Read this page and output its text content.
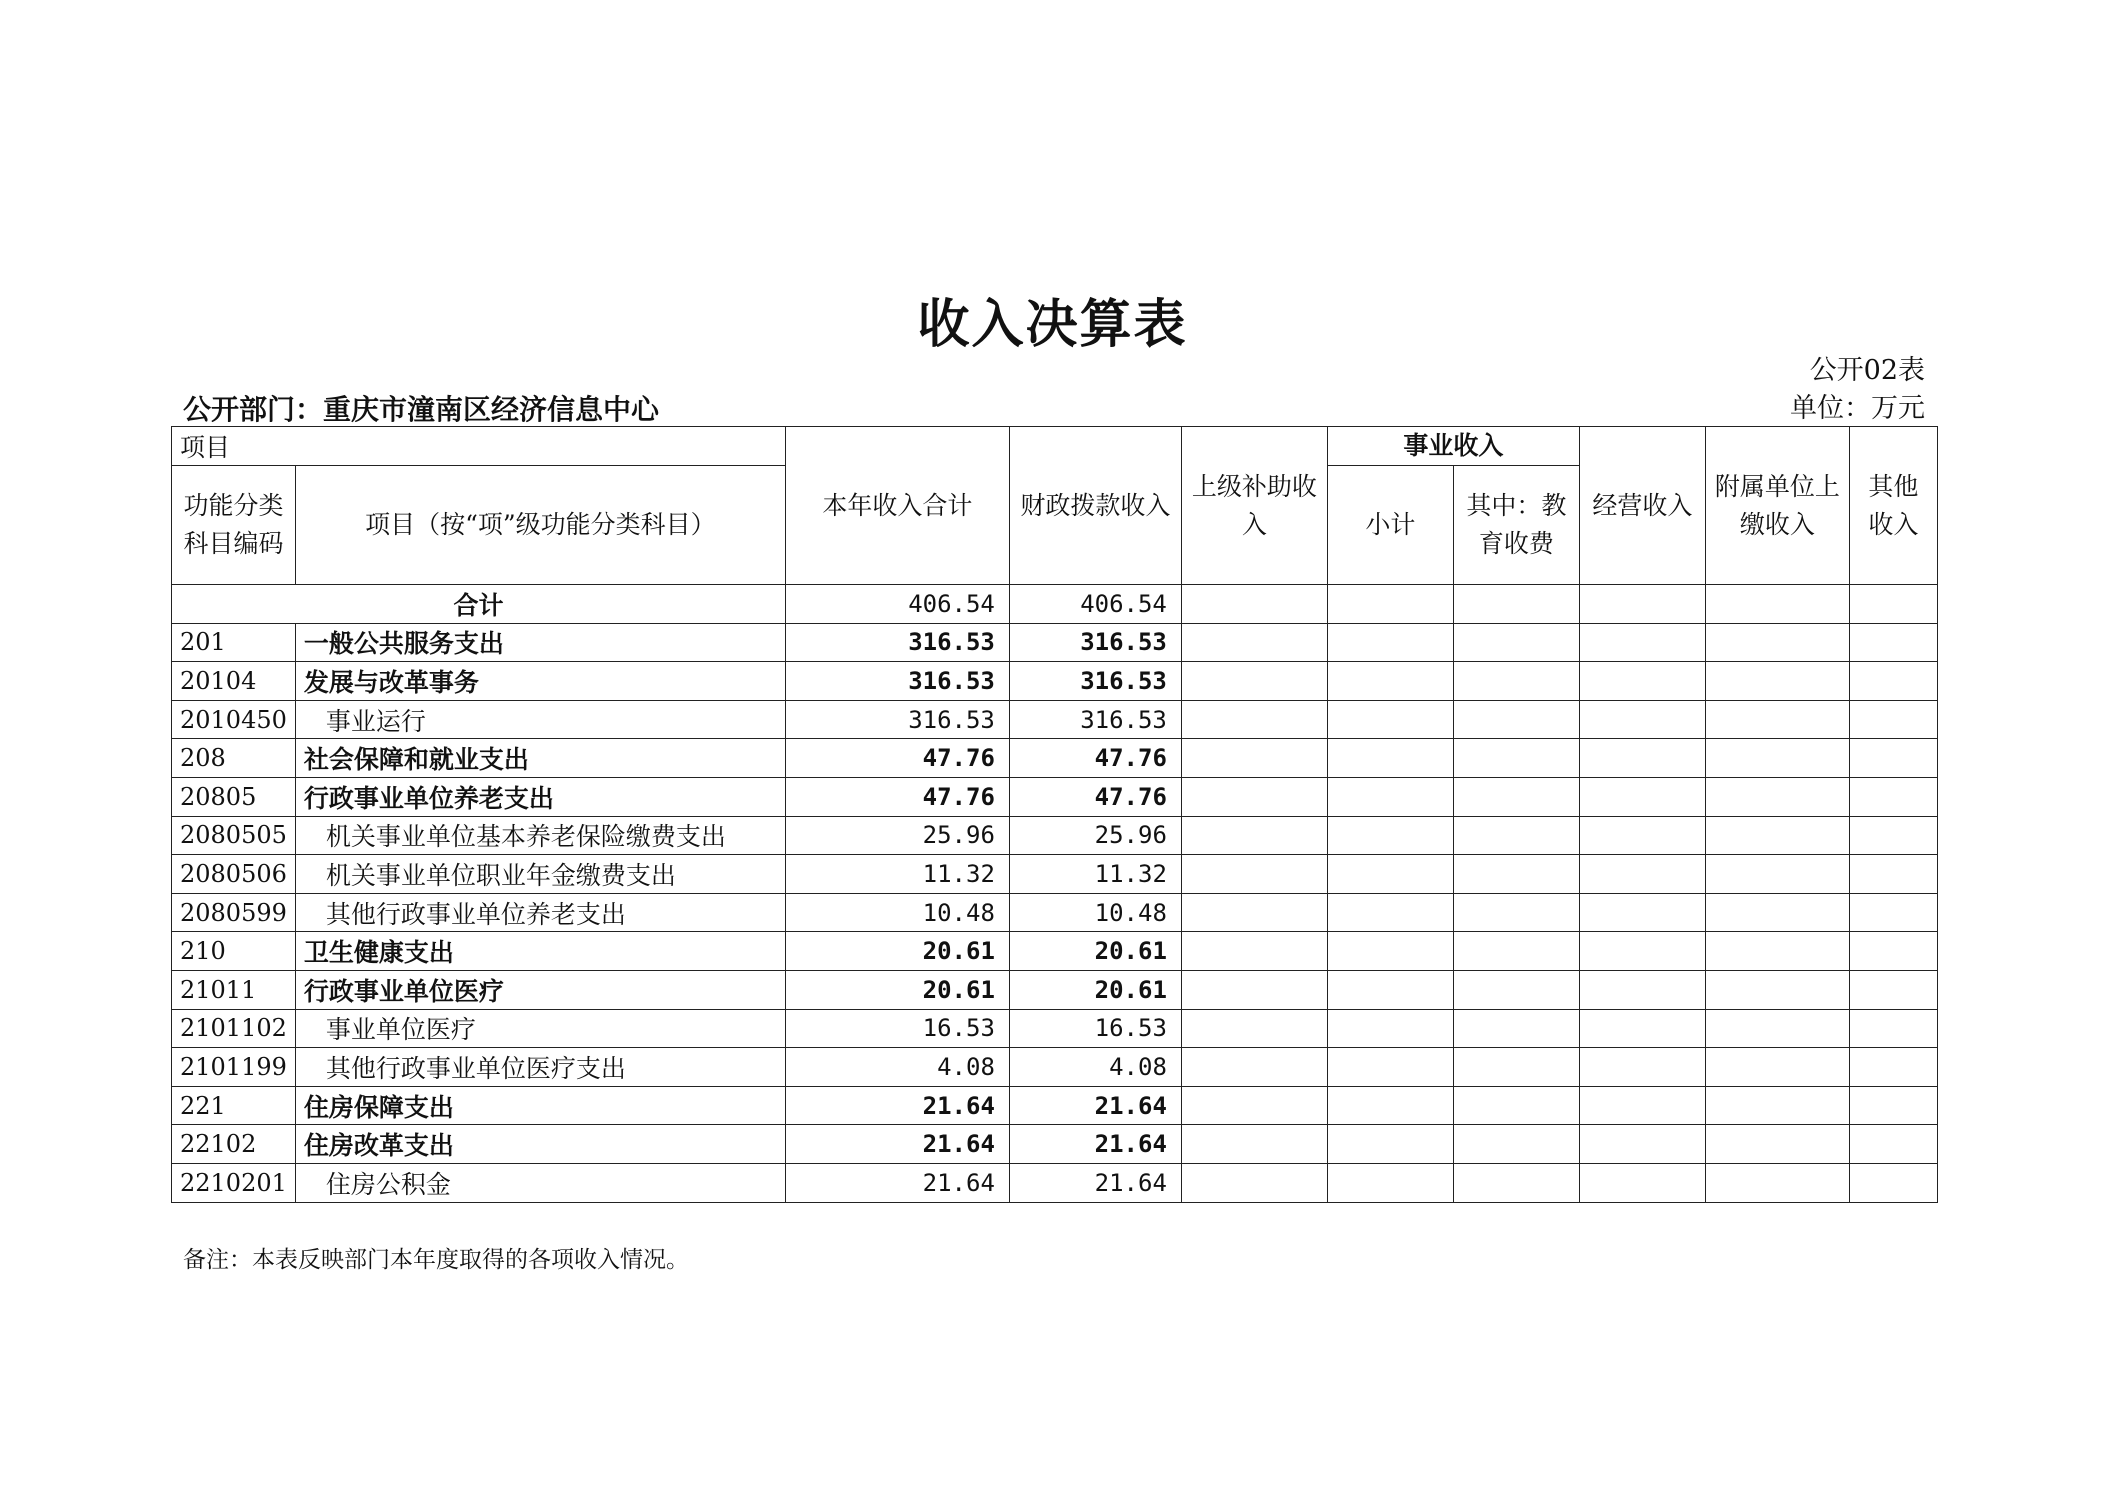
收入决算表
公开02表
单位：万元
公开部门：重庆市潼南区经济信息中心
项目		本年收入合计	财政拨款收入	上级补助收入	事业收入		经营收入	附属单位上缴收入	其他收入
功能分类科目编码	项目（按“项”级功能分类科目）				小计	其中：教育收费			
合计		406.54	406.54						
201	一般公共服务支出	316.53	316.53						
20104	发展与改革事务	316.53	316.53						
2010450	事业运行	316.53	316.53						
208	社会保障和就业支出	47.76	47.76						
20805	行政事业单位养老支出	47.76	47.76						
2080505	机关事业单位基本养老保险缴费支出	25.96	25.96						
2080506	机关事业单位职业年金缴费支出	11.32	11.32						
2080599	其他行政事业单位养老支出	10.48	10.48						
210	卫生健康支出	20.61	20.61						
21011	行政事业单位医疗	20.61	20.61						
2101102	事业单位医疗	16.53	16.53						
2101199	其他行政事业单位医疗支出	4.08	4.08						
221	住房保障支出	21.64	21.64						
22102	住房改革支出	21.64	21.64						
2210201	住房公积金	21.64	21.64						
备注：本表反映部门本年度取得的各项收入情况。
